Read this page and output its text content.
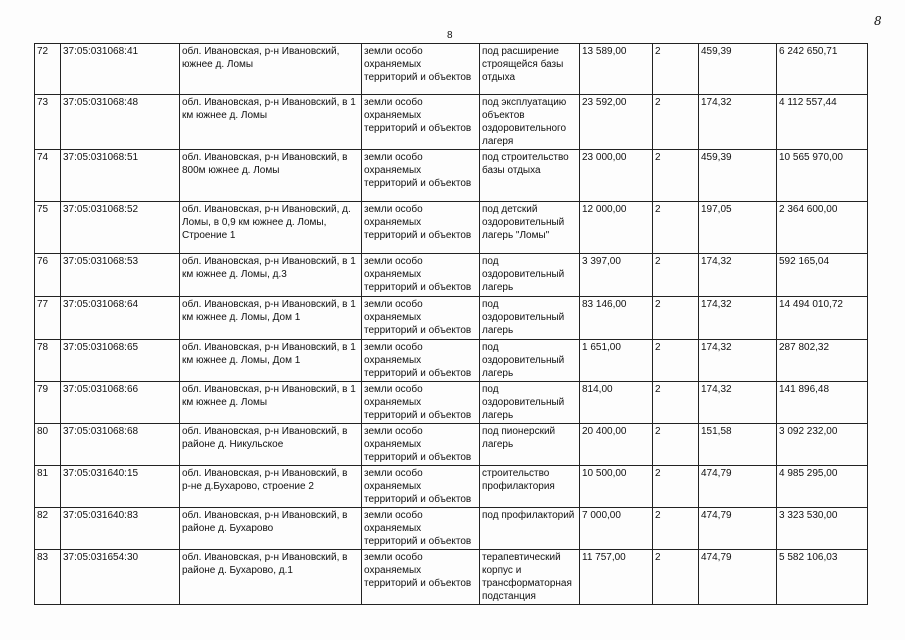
8
8
72	37:05:031068:41	обл. Ивановская, р-н Ивановский, южнее д. Ломы	земли особо охраняемых территорий и объектов	под расширение строящейся базы отдыха	13 589,00	2	459,39	6 242 650,71
73	37:05:031068:48	обл. Ивановская, р-н Ивановский, в 1 км южнее д. Ломы	земли особо охраняемых территорий и объектов	под эксплуатацию объектов оздоровительного лагеря	23 592,00	2	174,32	4 112 557,44
74	37:05:031068:51	обл. Ивановская, р-н Ивановский, в 800м южнее д. Ломы	земли особо охраняемых территорий и объектов	под строительство базы отдыха	23 000,00	2	459,39	10 565 970,00
75	37:05:031068:52	обл. Ивановская, р-н Ивановский, д. Ломы, в 0,9 км южнее д. Ломы, Строение 1	земли особо охраняемых территорий и объектов	под детский оздоровительный лагерь "Ломы"	12 000,00	2	197,05	2 364 600,00
76	37:05:031068:53	обл. Ивановская, р-н Ивановский, в 1 км южнее д. Ломы, д.3	земли особо охраняемых территорий и объектов	под оздоровительный лагерь	3 397,00	2	174,32	592 165,04
77	37:05:031068:64	обл. Ивановская, р-н Ивановский, в 1 км южнее д. Ломы, Дом 1	земли особо охраняемых территорий и объектов	под оздоровительный лагерь	83 146,00	2	174,32	14 494 010,72
78	37:05:031068:65	обл. Ивановская, р-н Ивановский, в 1 км южнее д. Ломы, Дом 1	земли особо охраняемых территорий и объектов	под оздоровительный лагерь	1 651,00	2	174,32	287 802,32
79	37:05:031068:66	обл. Ивановская, р-н Ивановский, в 1 км южнее д. Ломы	земли особо охраняемых территорий и объектов	под оздоровительный лагерь	814,00	2	174,32	141 896,48
80	37:05:031068:68	обл. Ивановская, р-н Ивановский, в районе д. Никульское	земли особо охраняемых территорий и объектов	под пионерский лагерь	20 400,00	2	151,58	3 092 232,00
81	37:05:031640:15	обл. Ивановская, р-н Ивановский, в р-не д.Бухарово, строение 2	земли особо охраняемых территорий и объектов	строительство профилактория	10 500,00	2	474,79	4 985 295,00
82	37:05:031640:83	обл. Ивановская, р-н Ивановский, в районе д. Бухарово	земли особо охраняемых территорий и объектов	под профилакторий	7 000,00	2	474,79	3 323 530,00
83	37:05:031654:30	обл. Ивановская, р-н Ивановский, в районе д. Бухарово, д.1	земли особо охраняемых территорий и объектов	терапевтический корпус и трансформаторная подстанция	11 757,00	2	474,79	5 582 106,03
